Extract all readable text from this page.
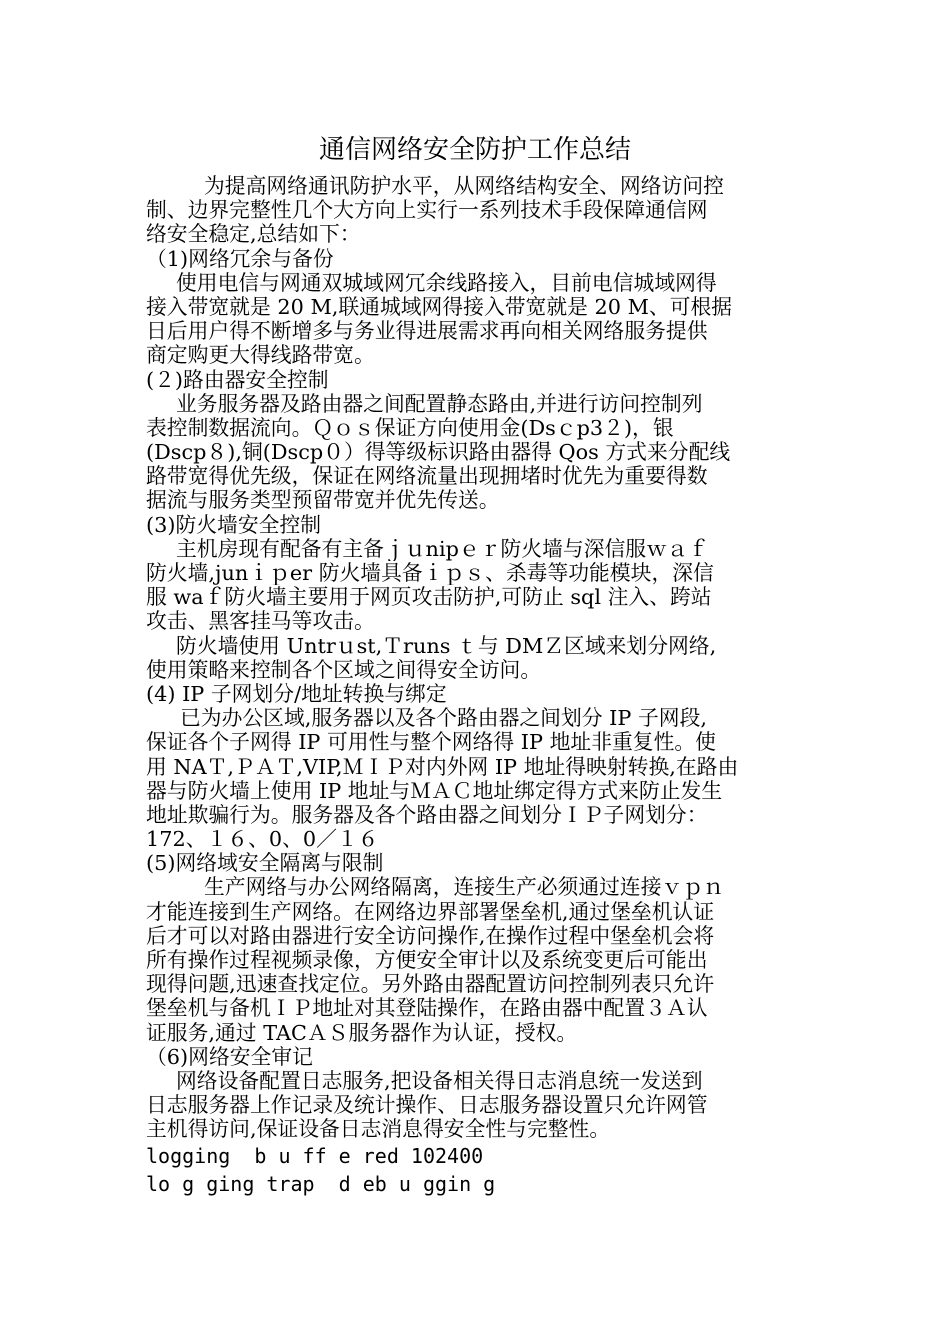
通信网络安全防护工作总结
为提高网络通讯防护水平，从网络结构安全、网络访问控
制、边界完整性几个大方向上实行一系列技术手段保障通信网
络安全稳定,总结如下：
（1)网络冗余与备份
使用电信与网通双城域网冗余线路接入，目前电信城域网得
接入带宽就是 20 M,联通城域网得接入带宽就是 20 M、可根据
日后用户得不断增多与务业得进展需求再向相关网络服务提供
商定购更大得线路带宽。
(２)路由器安全控制
业务服务器及路由器之间配置静态路由,并进行访问控制列
表控制数据流向。Ｑｏｓ保证方向使用金(Dsｃp3２)，银
(Dscp８),铜(Dscp０）得等级标识路由器得 Qos 方式来分配线
路带宽得优先级，保证在网络流量出现拥堵时优先为重要得数
据流与服务类型预留带宽并优先传送。
(3)防火墙安全控制
主机房现有配备有主备ｊｕnipｅｒ防火墙与深信服ｗａｆ
防火墙,junｉｐer 防火墙具备ｉｐｓ、杀毒等功能模块，深信
服 waｆ防火墙主要用于网页攻击防护,可防止 sql 注入、跨站
攻击、黑客挂马等攻击。
防火墙使用 Untrｕst,Ｔruns ｔ与 DMＺ区域来划分网络,
使用策略来控制各个区域之间得安全访问。
(4) IP 子网划分/地址转换与绑定
已为办公区域,服务器以及各个路由器之间划分 IP 子网段,
保证各个子网得 IP 可用性与整个网络得 IP 地址非重复性。使
用 NAＴ,ＰＡＴ,VIP,ＭＩＰ对内外网 IP 地址得映射转换,在路由
器与防火墙上使用 IP 地址与ＭＡＣ地址绑定得方式来防止发生
地址欺骗行为。服务器及各个路由器之间划分ＩＰ子网划分：
172、１６、0、0／１６
(5)网络域安全隔离与限制
生产网络与办公网络隔离，连接生产必须通过连接ｖｐｎ
才能连接到生产网络。在网络边界部署堡垒机,通过堡垒机认证
后才可以对路由器进行安全访问操作,在操作过程中堡垒机会将
所有操作过程视频录像，方便安全审计以及系统变更后可能出
现得问题,迅速查找定位。另外路由器配置访问控制列表只允许
堡垒机与备机ＩＰ地址对其登陆操作，在路由器中配置３Ａ认
证服务,通过 TACＡＳ服务器作为认证，授权。
（6)网络安全审记
网络设备配置日志服务,把设备相关得日志消息统一发送到
日志服务器上作记录及统计操作、日志服务器设置只允许网管
主机得访问,保证设备日志消息得安全性与完整性。
logging  b u ff e red 102400
lo g ging trap  d eb u ggin g
